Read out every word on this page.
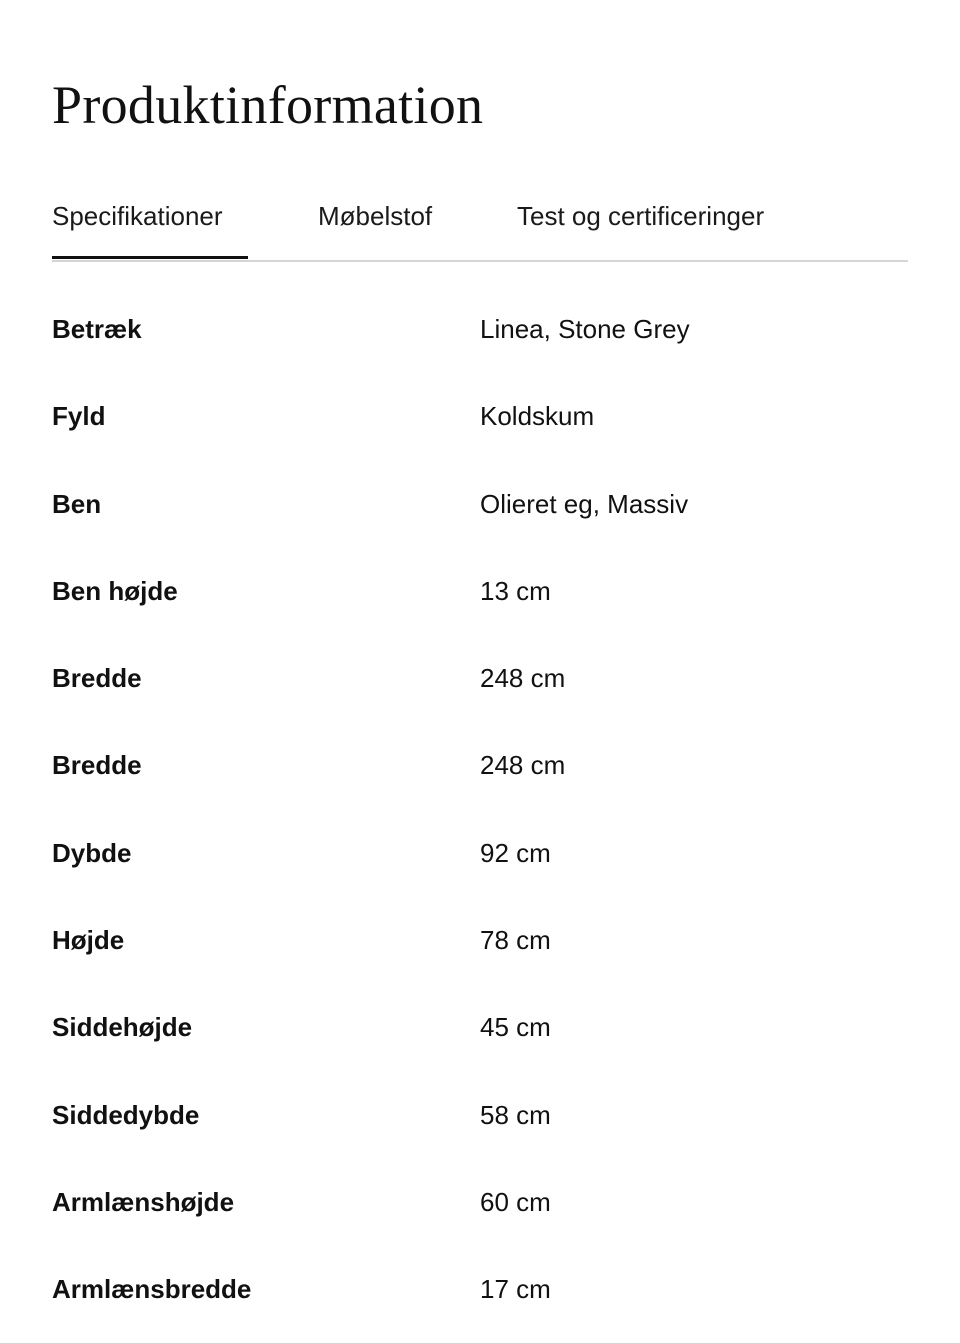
Produktinformation
Specifikationer	Møbelstof	Test og certificeringer
Betræk	Linea, Stone Grey
Fyld	Koldskum
Ben	Olieret eg, Massiv
Ben højde	13 cm
Bredde	248 cm
Bredde	248 cm
Dybde	92 cm
Højde	78 cm
Siddehøjde	45 cm
Siddedybde	58 cm
Armlænshøjde	60 cm
Armlænsbredde	17 cm
